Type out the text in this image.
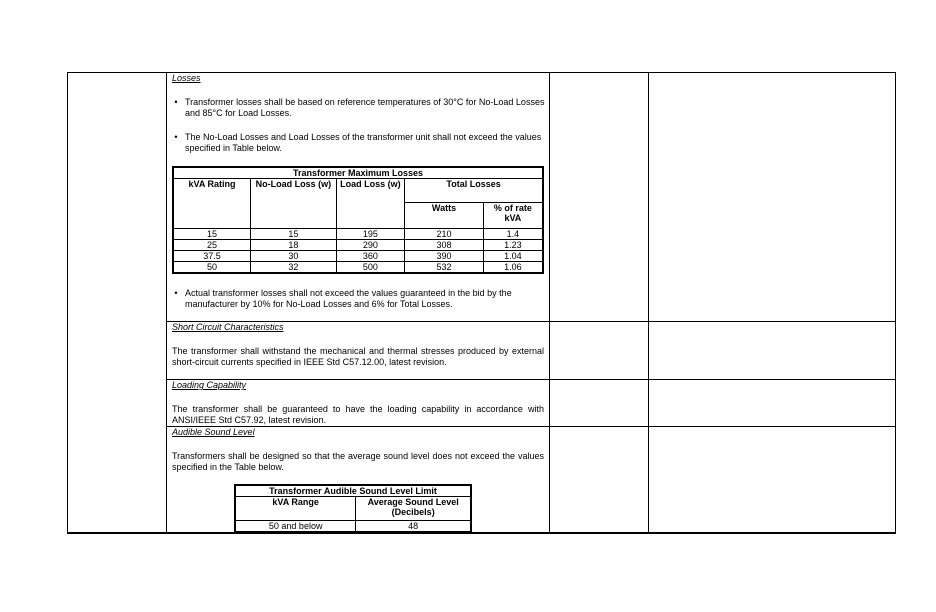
Losses
• Transformer losses shall be based on reference temperatures of 30°C for No-Load Losses and 85°C for Load Losses.
• The No-Load Losses and Load Losses of the transformer unit shall not exceed the values specified in Table below.
Transformer Maximum Losses				
kVA Rating	No-Load Loss (w)	Load Loss (w)	Total Losses	
			Watts	% of rate kVA
15	15	195	210	1.4
25	18	290	308	1.23
37.5	30	360	390	1.04
50	32	500	532	1.06
• Actual transformer losses shall not exceed the values guaranteed in the bid by the manufacturer by 10% for No-Load Losses and 6% for Total Losses.
Short Circuit Characteristics
The transformer shall withstand the mechanical and thermal stresses produced by external short-circuit currents specified in IEEE Std C57.12.00, latest revision.
Loading Capability
The transformer shall be guaranteed to have the loading capability in accordance with ANSI/IEEE Std C57.92, latest revision.
Audible Sound Level
Transformers shall be designed so that the average sound level does not exceed the values specified in the Table below.
Transformer Audible Sound Level Limit	
kVA Range	Average Sound Level (Decibels)
50 and below	48
